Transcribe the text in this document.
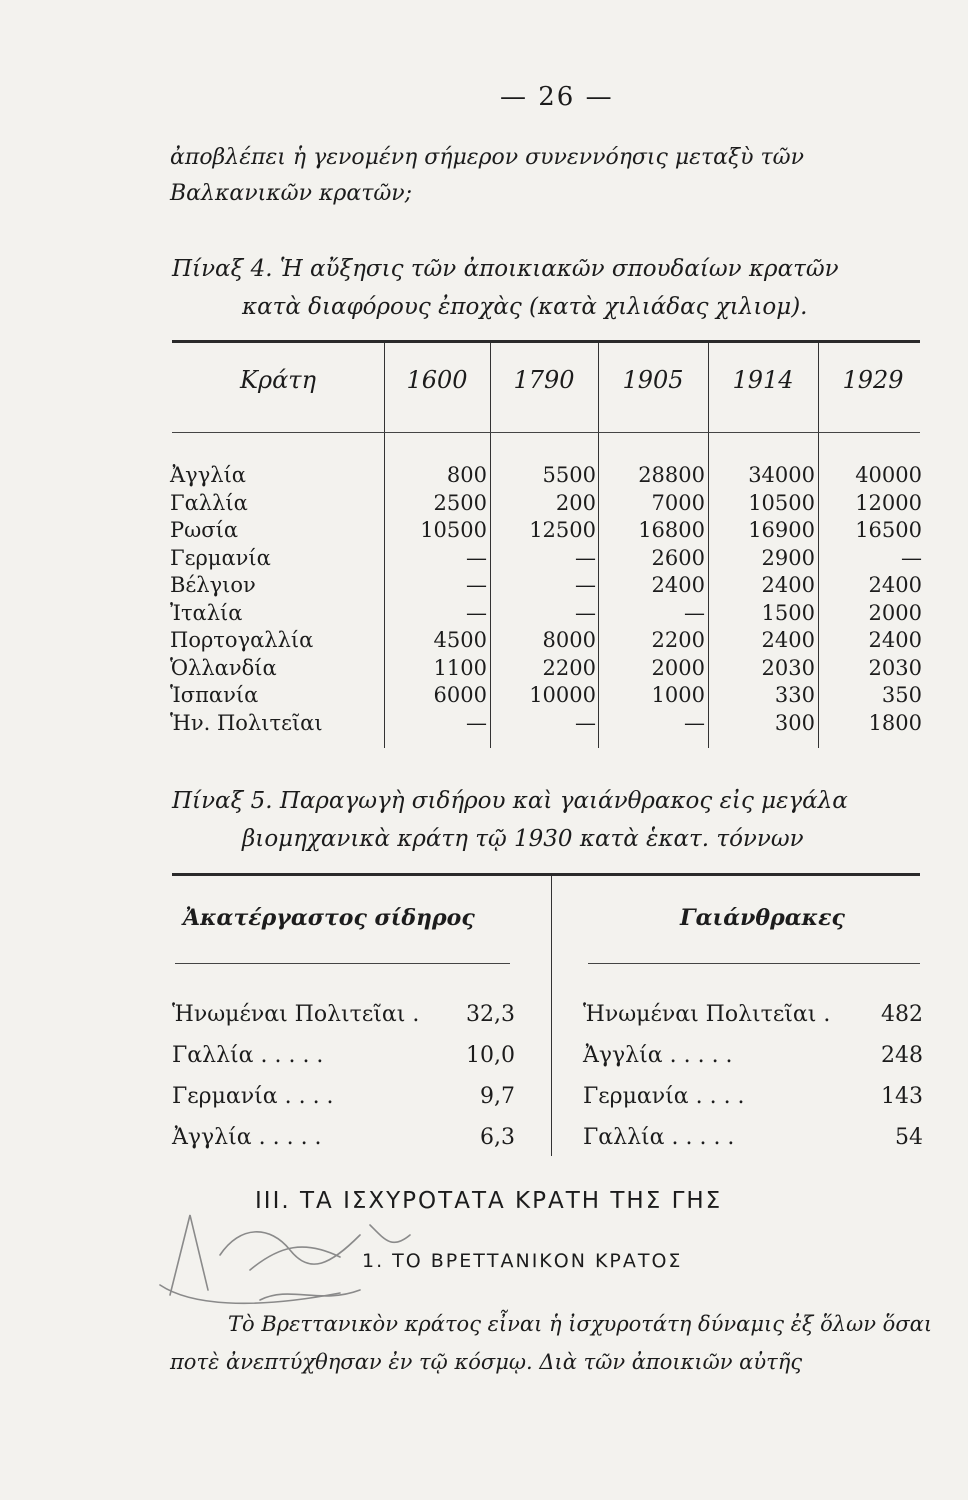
— 26 —
ἀποβλέπει ἡ γενομένη σήμερον συνεννόησις μεταξὺ τῶν Βαλκανικῶν κρατῶν;
Πίναξ 4. Ἡ αὔξησις τῶν ἀποικιακῶν σπουδαίων κρατῶν
κατὰ διαφόρους ἐποχὰς (κατὰ χιλιάδας χιλιομ).
Κράτη	1600	1790	1905	1914	1929
Ἀγγλία	800	5500 28800 34000 40000
Γαλλία	2500	200	7000 10500 12000
Ρωσία	10500 12500 16800 16900 16500
Γερμανία	—	—	2600	2900	—
Βέλγιον	—	—	2400	2400	2400
Ἰταλία	—	—	—	1500	2000
Πορτογαλλία	4500	8000	2200	2400	2400
Ὁλλανδία	1100	2200	2000	2030	2030
Ἱσπανία	6000 10000	1000	330	350
Ἡν. Πολιτεῖαι	—	—	—	300	1800
Πίναξ 5. Παραγωγὴ σιδήρου καὶ γαιάνθρακος εἰς μεγάλα
βιομηχανικὰ κράτη τῷ 1930 κατὰ ἑκατ. τόννων
Ἀκατέργαστος σίδηρος	Γαιάνθρακες
Ἡνωμέναι Πολιτεῖαι . 32,3
Γαλλία . . . . .	10,0
Γερμανία . . . .	9,7
Ἀγγλία . . . . .	6,3
Ἡνωμέναι Πολιτεῖαι . 482
Ἀγγλία . . . . .	248
Γερμανία . . . .	143
Γαλλία . . . . .	54
III. ΤΑ ΙΣΧΥΡΟΤΑΤΑ ΚΡΑΤΗ ΤΗΣ ΓΗΣ
1. ΤΟ ΒΡΕΤΤΑΝΙΚΟΝ ΚΡΑΤΟΣ
Τὸ Βρεττανικὸν κράτος εἶναι ἡ ἰσχυροτάτη δύναμις ἐξ ὅλων ὅσαι ποτὲ ἀνεπτύχθησαν ἐν τῷ κόσμῳ. Διὰ τῶν ἀποικιῶν αὐτῆς
